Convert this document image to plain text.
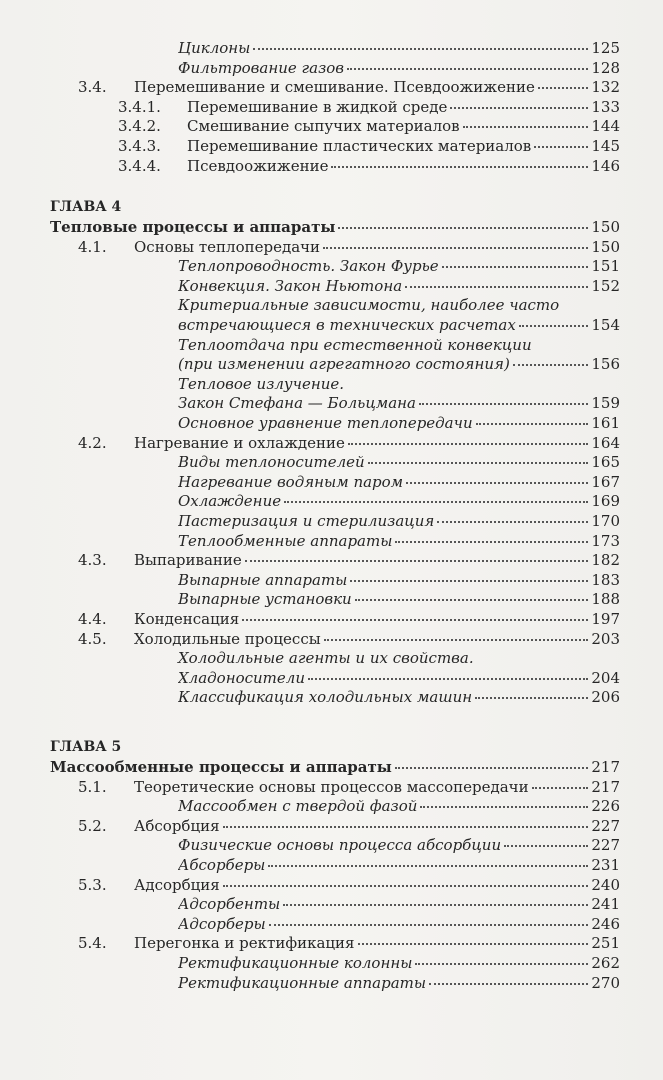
Циклоны	125
Фильтрование газов	128
3.4.	Перемешивание и смешивание. Псевдоожижение	132
3.4.1.	Перемешивание в жидкой среде	133
3.4.2.	Смешивание сыпучих материалов	144
3.4.3.	Перемешивание пластических материалов	145
3.4.4.	Псевдоожижение	146
ГЛАВА 4
Тепловые процессы и аппараты	150
4.1.	Основы теплопередачи	150
Теплопроводность. Закон Фурье	151
Конвекция. Закон Ньютона	152
Критериальные зависимости, наиболее часто
встречающиеся в технических расчетах	154
Теплоотдача при естественной конвекции
(при изменении агрегатного состояния)	156
Тепловое излучение.
Закон Стефана — Больцмана	159
Основное уравнение теплопередачи	161
4.2.	Нагревание и охлаждение	164
Виды теплоносителей	165
Нагревание водяным паром	167
Охлаждение	169
Пастеризация и стерилизация	170
Теплообменные аппараты	173
4.3.	Выпаривание	182
Выпарные аппараты	183
Выпарные установки	188
4.4.	Конденсация	197
4.5.	Холодильные процессы	203
Холодильные агенты и их свойства.
Хладоносители	204
Классификация холодильных машин	206
ГЛАВА 5
Массообменные процессы и аппараты	217
5.1.	Теоретические основы процессов массопередачи	217
Массообмен с твердой фазой	226
5.2.	Абсорбция	227
Физические основы процесса абсорбции	227
Абсорберы	231
5.3.	Адсорбция	240
Адсорбенты	241
Адсорберы	246
5.4.	Перегонка и ректификация	251
Ректификационные колонны	262
Ректификационные аппараты	270
